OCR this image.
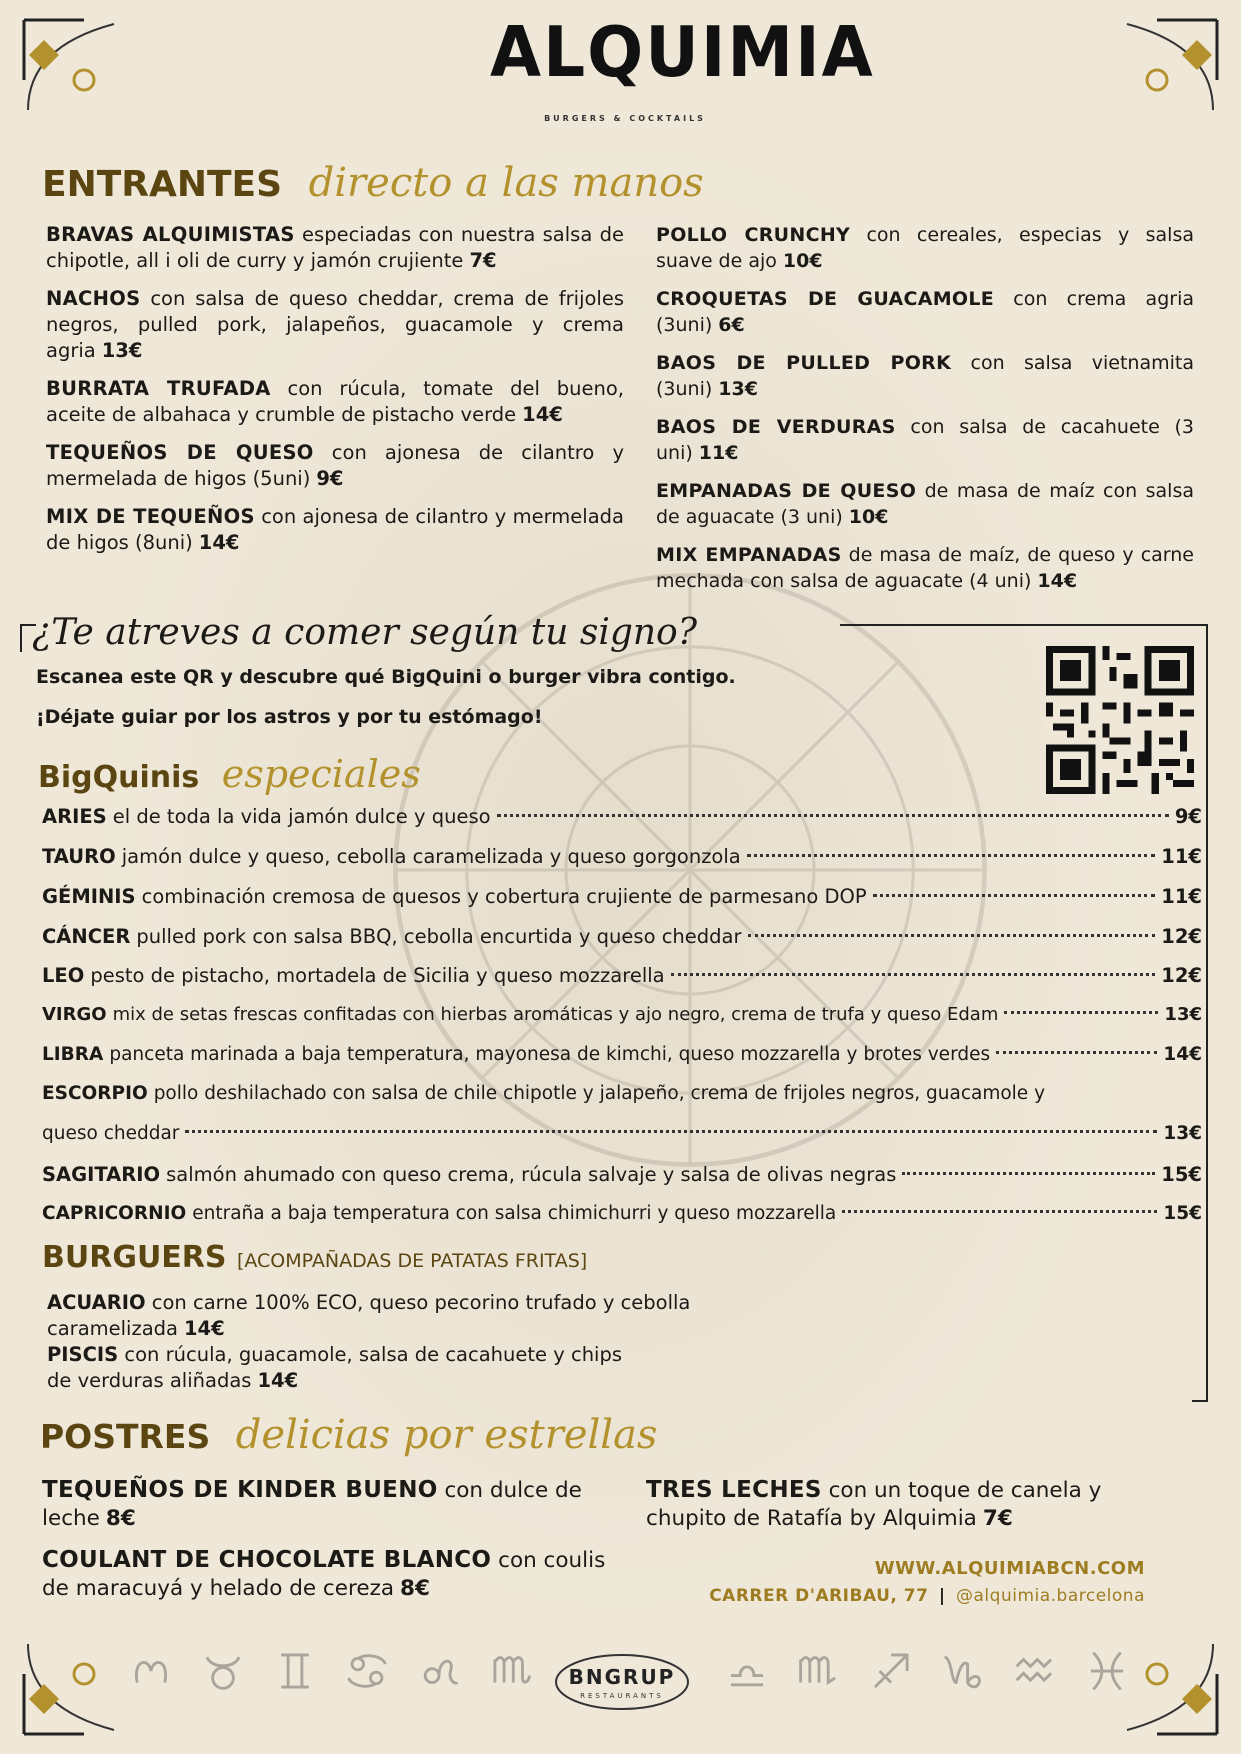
ALQUIMIA
BURGERS & COCKTAILS
ENTRANTES directo a las manos
BRAVAS ALQUIMISTAS especiadas con nuestra salsa de chipotle, all i oli de curry y jamón crujiente 7€
NACHOS con salsa de queso cheddar, crema de frijoles negros, pulled pork, jalapeños, guacamole y crema agria 13€
BURRATA TRUFADA con rúcula, tomate del bueno, aceite de albahaca y crumble de pistacho verde 14€
TEQUEÑOS DE QUESO con ajonesa de cilantro y mermelada de higos (5uni) 9€
MIX DE TEQUEÑOS con ajonesa de cilantro y mermelada de higos (8uni) 14€
POLLO CRUNCHY con cereales, especias y salsa suave de ajo 10€
CROQUETAS DE GUACAMOLE con crema agria (3uni) 6€
BAOS DE PULLED PORK con salsa vietnamita (3uni) 13€
BAOS DE VERDURAS con salsa de cacahuete (3 uni) 11€
EMPANADAS DE QUESO de masa de maíz con salsa de aguacate (3 uni) 10€
MIX EMPANADAS de masa de maíz, de queso y carne mechada con salsa de aguacate (4 uni) 14€
¿Te atreves a comer según tu signo?
Escanea este QR y descubre qué BigQuini o burger vibra contigo.
¡Déjate guiar por los astros y por tu estómago!
BigQuinis especiales
ARIES el de toda la vida jamón dulce y queso	9€
TAURO jamón dulce y queso, cebolla caramelizada y queso gorgonzola	11€
GÉMINIS combinación cremosa de quesos y cobertura crujiente de parmesano DOP	11€
CÁNCER pulled pork con salsa BBQ, cebolla encurtida y queso cheddar	12€
LEO pesto de pistacho, mortadela de Sicilia y queso mozzarella	12€
VIRGO mix de setas frescas confitadas con hierbas aromáticas y ajo negro, crema de trufa y queso Edam	13€
LIBRA panceta marinada a baja temperatura, mayonesa de kimchi, queso mozzarella y brotes verdes	14€
ESCORPIO pollo deshilachado con salsa de chile chipotle y jalapeño, crema de frijoles negros, guacamole y
queso cheddar	13€
SAGITARIO salmón ahumado con queso crema, rúcula salvaje y salsa de olivas negras	15€
CAPRICORNIO entraña a baja temperatura con salsa chimichurri y queso mozzarella	15€
BURGUERS [ACOMPAÑADAS DE PATATAS FRITAS]
ACUARIO con carne 100% ECO, queso pecorino trufado y cebolla caramelizada 14€
PISCIS con rúcula, guacamole, salsa de cacahuete y chips de verduras aliñadas 14€
POSTRES delicias por estrellas
TEQUEÑOS DE KINDER BUENO con dulce de leche 8€
COULANT DE CHOCOLATE BLANCO con coulis de maracuyá y helado de cereza 8€
TRES LECHES con un toque de canela y chupito de Ratafía by Alquimia 7€
WWW.ALQUIMIABCN.COM
CARRER D'ARIBAU, 77 | @alquimia.barcelona
BNGRUP
RESTAURANTS
